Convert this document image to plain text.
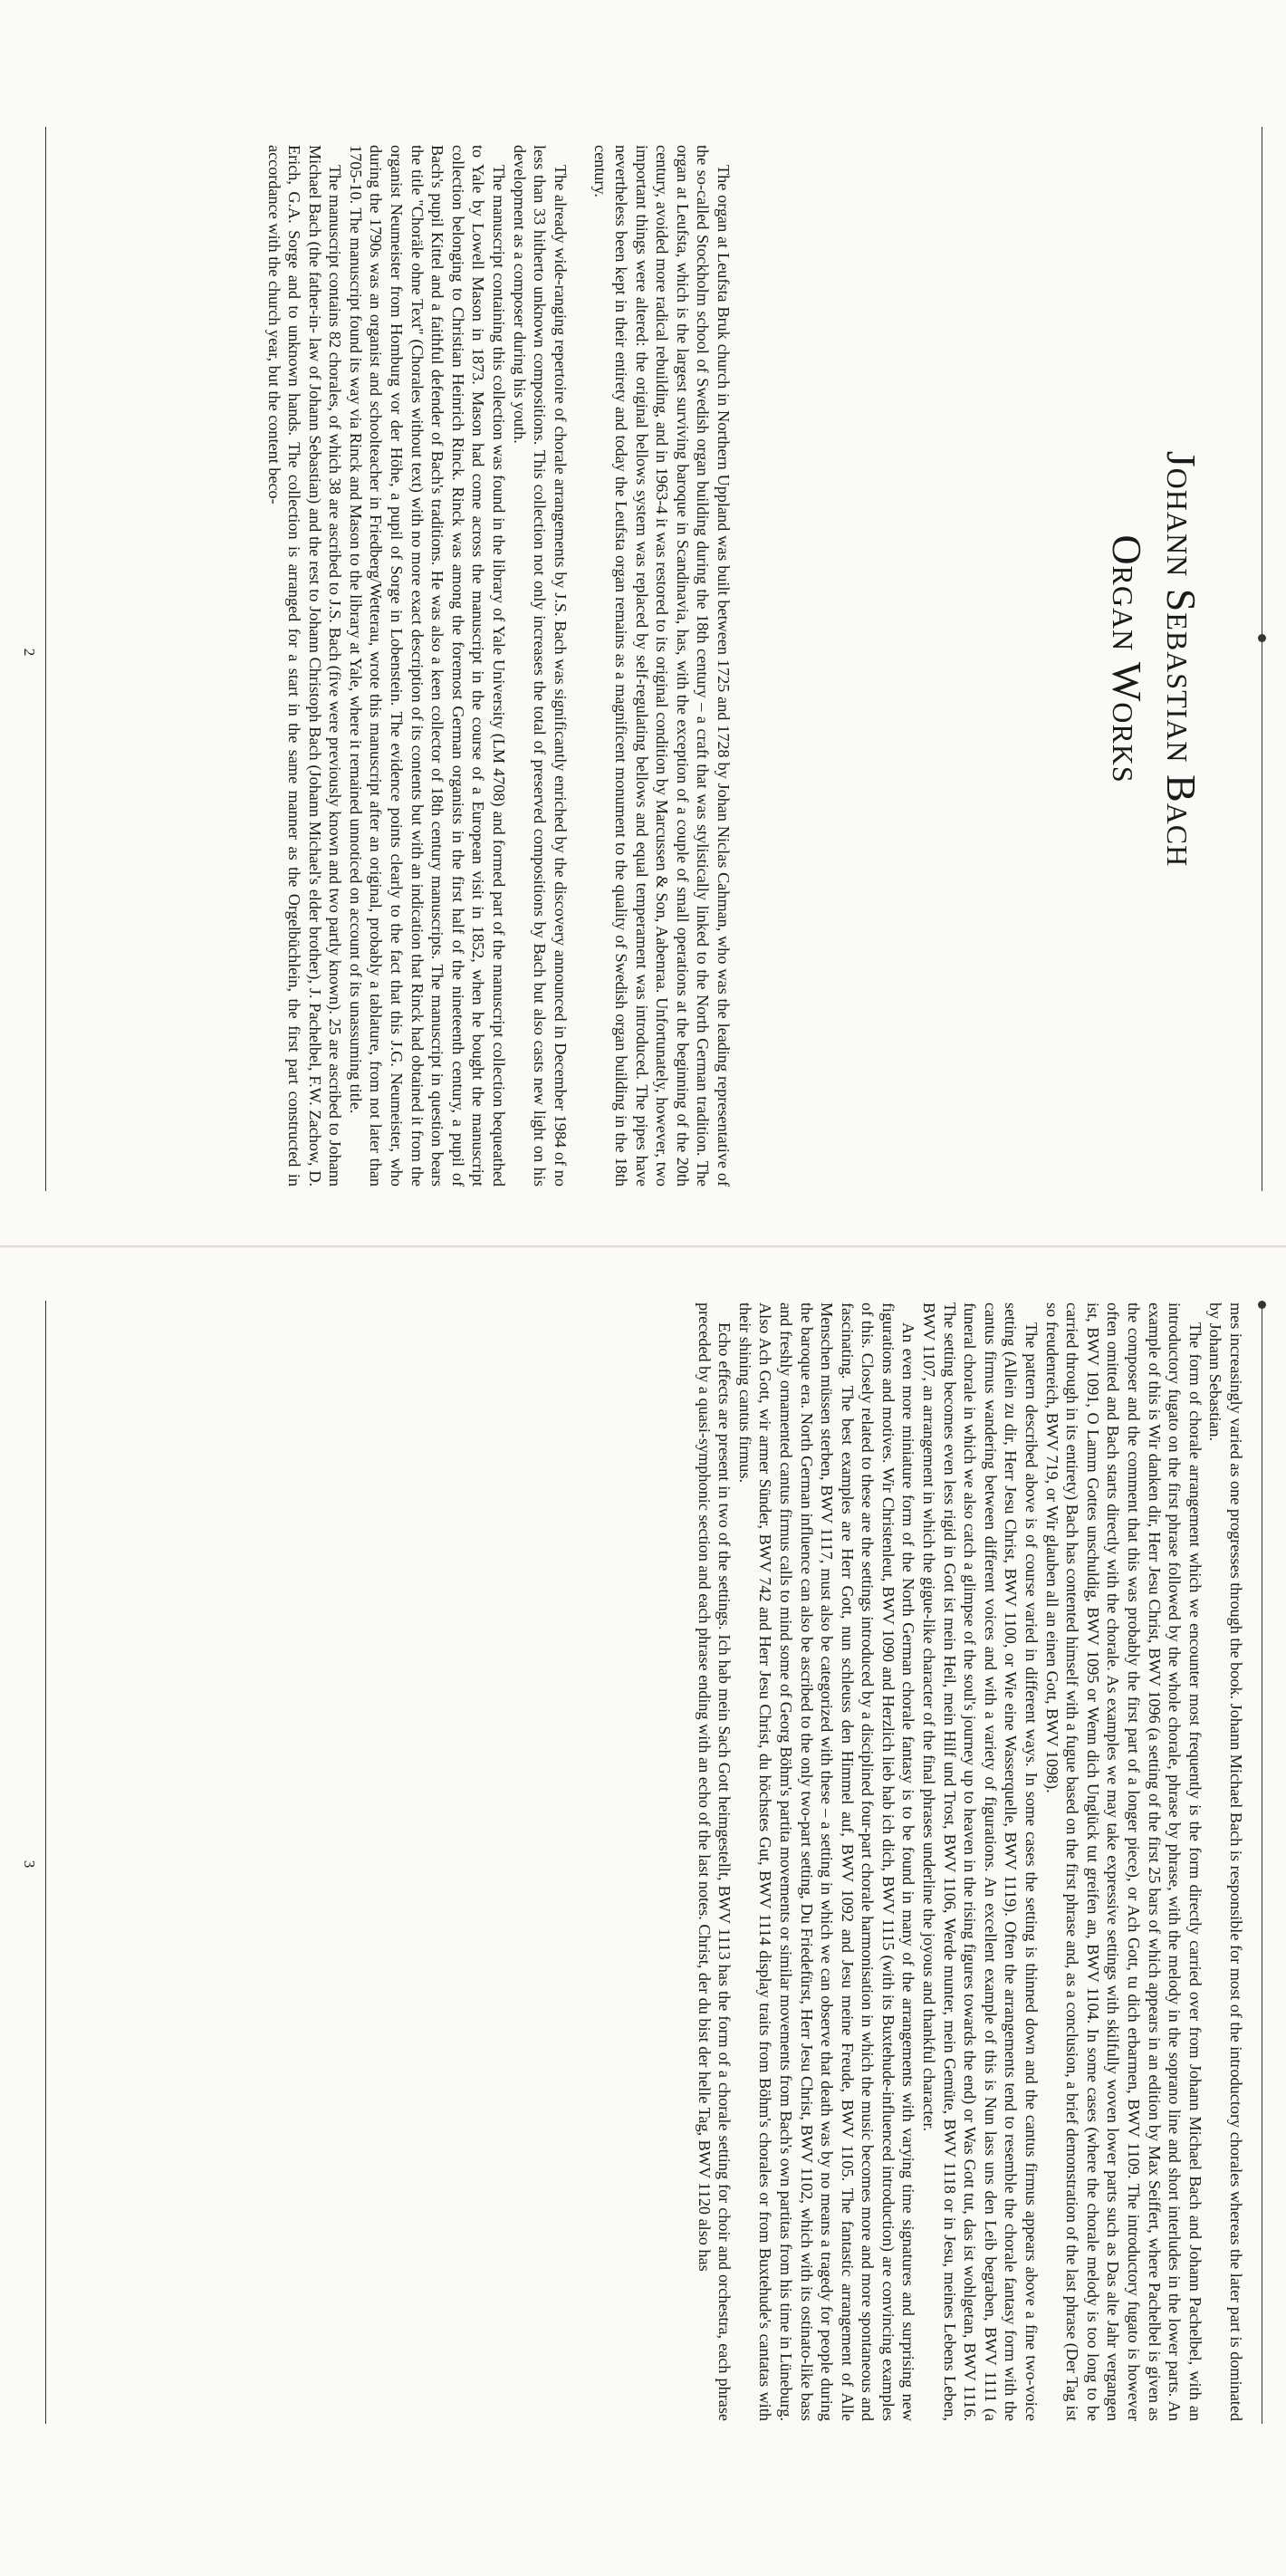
Johann Sebastian Bach
Organ Works

The organ at Leufsta Bruk church in Northern Uppland was built between 1725 and 1728 by Johan Niclas Cahman, who was the leading representative of the so-called Stockholm school of Swedish organ building during the 18th century – a craft that was stylistically linked to the North German tradition. The organ at Leufsta, which is the largest surviving baroque in Scandinavia, has, with the exception of a couple of small operations at the beginning of the 20th century, avoided more radical rebuilding, and in 1963-4 it was restored to its original condition by Marcussen & Son, Aabenraa. Unfortunately, however, two important things were altered: the original bellows system was replaced by self-regulating bellows and equal temperament was introduced. The pipes have nevertheless been kept in their entirety and today the Leufsta organ remains as a magnificent monument to the quality of Swedish organ building in the 18th century.

The already wide-ranging repertoire of chorale arrangements by J.S. Bach was significantly enriched by the discovery announced in December 1984 of no less than 33 hitherto unknown compositions. This collection not only increases the total of preserved compositions by Bach but also casts new light on his development as a composer during his youth.

The manuscript containing this collection was found in the library of Yale University (LM 4708) and formed part of the manuscript collection bequeathed to Yale by Lowell Mason in 1873. Mason had come across the manuscript in the course of a European visit in 1852, when he bought the manuscript collection belonging to Christian Heinrich Rinck. Rinck was among the foremost German organists in the first half of the nineteenth century, a pupil of Bach's pupil Kittel and a faithful defender of Bach's traditions. He was also a keen collector of 18th century manuscripts. The manuscript in question bears the title "Choräle ohne Text" (Chorales without text) with no more exact description of its contents but with an indication that Rinck had obtained it from the organist Neumeister from Homburg vor der Höhe, a pupil of Sorge in Lobenstein. The evidence points clearly to the fact that this J.G. Neumeister, who during the 1790s was an organist and schoolteacher in Friedberg/Wetterau, wrote this manuscript after an original, probably a tablature, from not later than 1705-10. The manuscript found its way via Rinck and Mason to the library at Yale, where it remained unnoticed on account of its unassuming title.

The manuscript contains 82 chorales, of which 38 are ascribed to J.S. Bach (five were previously known and two partly known). 25 are ascribed to Johann Michael Bach (the father-in- law of Johann Sebastian) and the rest to Johann Christoph Bach (Johann Michael's elder brother), J. Pachelbel, F.W. Zachow, D. Erich, G.A. Sorge and to unknown hands. The collection is arranged for a start in the same manner as the Orgelbüchlein, the first part constructed in accordance with the church year, but the content beco-

2

mes increasingly varied as one progresses through the book. Johann Michael Bach is responsible for most of the introductory chorales whereas the later part is dominated by Johann Sebastian.

The form of chorale arrangement which we encounter most frequently is the form directly carried over from Johann Michael Bach and Johann Pachelbel, with an introductory fugato on the first phrase followed by the whole chorale, phrase by phrase, with the melody in the soprano line and short interludes in the lower parts. An example of this is Wir danken dir, Herr Jesu Christ, BWV 1096 (a setting of the first 25 bars of which appears in an edition by Max Seiffert, where Pachelbel is given as the composer and the comment that this was probably the first part of a longer piece), or Ach Gott, tu dich erbarmen, BWV 1109. The introductory fugato is however often omitted and Bach starts directly with the chorale. As examples we may take expressive settings with skilfully woven lower parts such as Das alte Jahr vergangen ist, BWV 1091, O Lamm Gottes unschuldig, BWV 1095 or Wenn dich Unglück tut greifen an, BWV 1104. In some cases (where the chorale melody is too long to be carried through in its entirety) Bach has contented himself with a fugue based on the first phrase and, as a conclusion, a brief demonstration of the last phrase (Der Tag ist so freudenreich, BWV 719, or Wir glauben all an einen Gott, BWV 1098).

The pattern described above is of course varied in different ways. In some cases the setting is thinned down and the cantus firmus appears above a fine two-voice setting (Allein zu dir, Herr Jesu Christ, BWV 1100, or Wie eine Wasserquelle, BWV 1119). Often the arrangements tend to resemble the chorale fantasy form with the cantus firmus wandering between different voices and with a variety of figurations. An excellent example of this is Nun lass uns den Leib begraben, BWV 1111 (a funeral chorale in which we also catch a glimpse of the soul's journey up to heaven in the rising figures towards the end) or Was Gott tut, das ist wohlgetan, BWV 1116. The setting becomes even less rigid in Gott ist mein Heil, mein Hilf und Trost, BWV 1106, Werde munter, mein Gemüte, BWV 1118 or in Jesu, meines Lebens Leben, BWV 1107, an arrangement in which the gigue-like character of the final phrases underline the joyous and thankful character.

An even more miniature form of the North German chorale fantasy is to be found in many of the arrangements with varying time signatures and surprising new figurations and motives. Wir Christenleut, BWV 1090 and Herzlich lieb hab ich dich, BWV 1115 (with its Buxtehude-influenced introduction) are convincing examples of this. Closely related to these are the settings introduced by a disciplined four-part chorale harmonisation in which the music becomes more and more spontaneous and fascinating. The best examples are Herr Gott, nun schleuss den Himmel auf, BWV 1092 and Jesu meine Freude, BWV 1105. The fantastic arrangement of Alle Menschen müssen sterben, BWV 1117, must also be categorized with these – a setting in which we can observe that death was by no means a tragedy for people during the baroque era. North German influence can also be ascribed to the only two-part setting, Du Friedefürst, Herr Jesu Christ, BWV 1102, which with its ostinato-like bass and freshly ornamented cantus firmus calls to mind some of Georg Böhm's partita movements or similar movements from Bach's own partitas from his time in Lüneburg. Also Ach Gott, wir armer Sünder, BWV 742 and Herr Jesu Christ, du höchstes Gut, BWV 1114 display traits from Böhm's chorales or from Buxtehude's cantatas with their shining cantus firmus.

Echo effects are present in two of the settings. Ich hab mein Sach Gott heimgestellt, BWV 1113 has the form of a chorale setting for choir and orchestra, each phrase preceded by a quasi-symphonic section and each phrase ending with an echo of the last notes. Christ, der du bist der helle Tag, BWV 1120 also has

3
